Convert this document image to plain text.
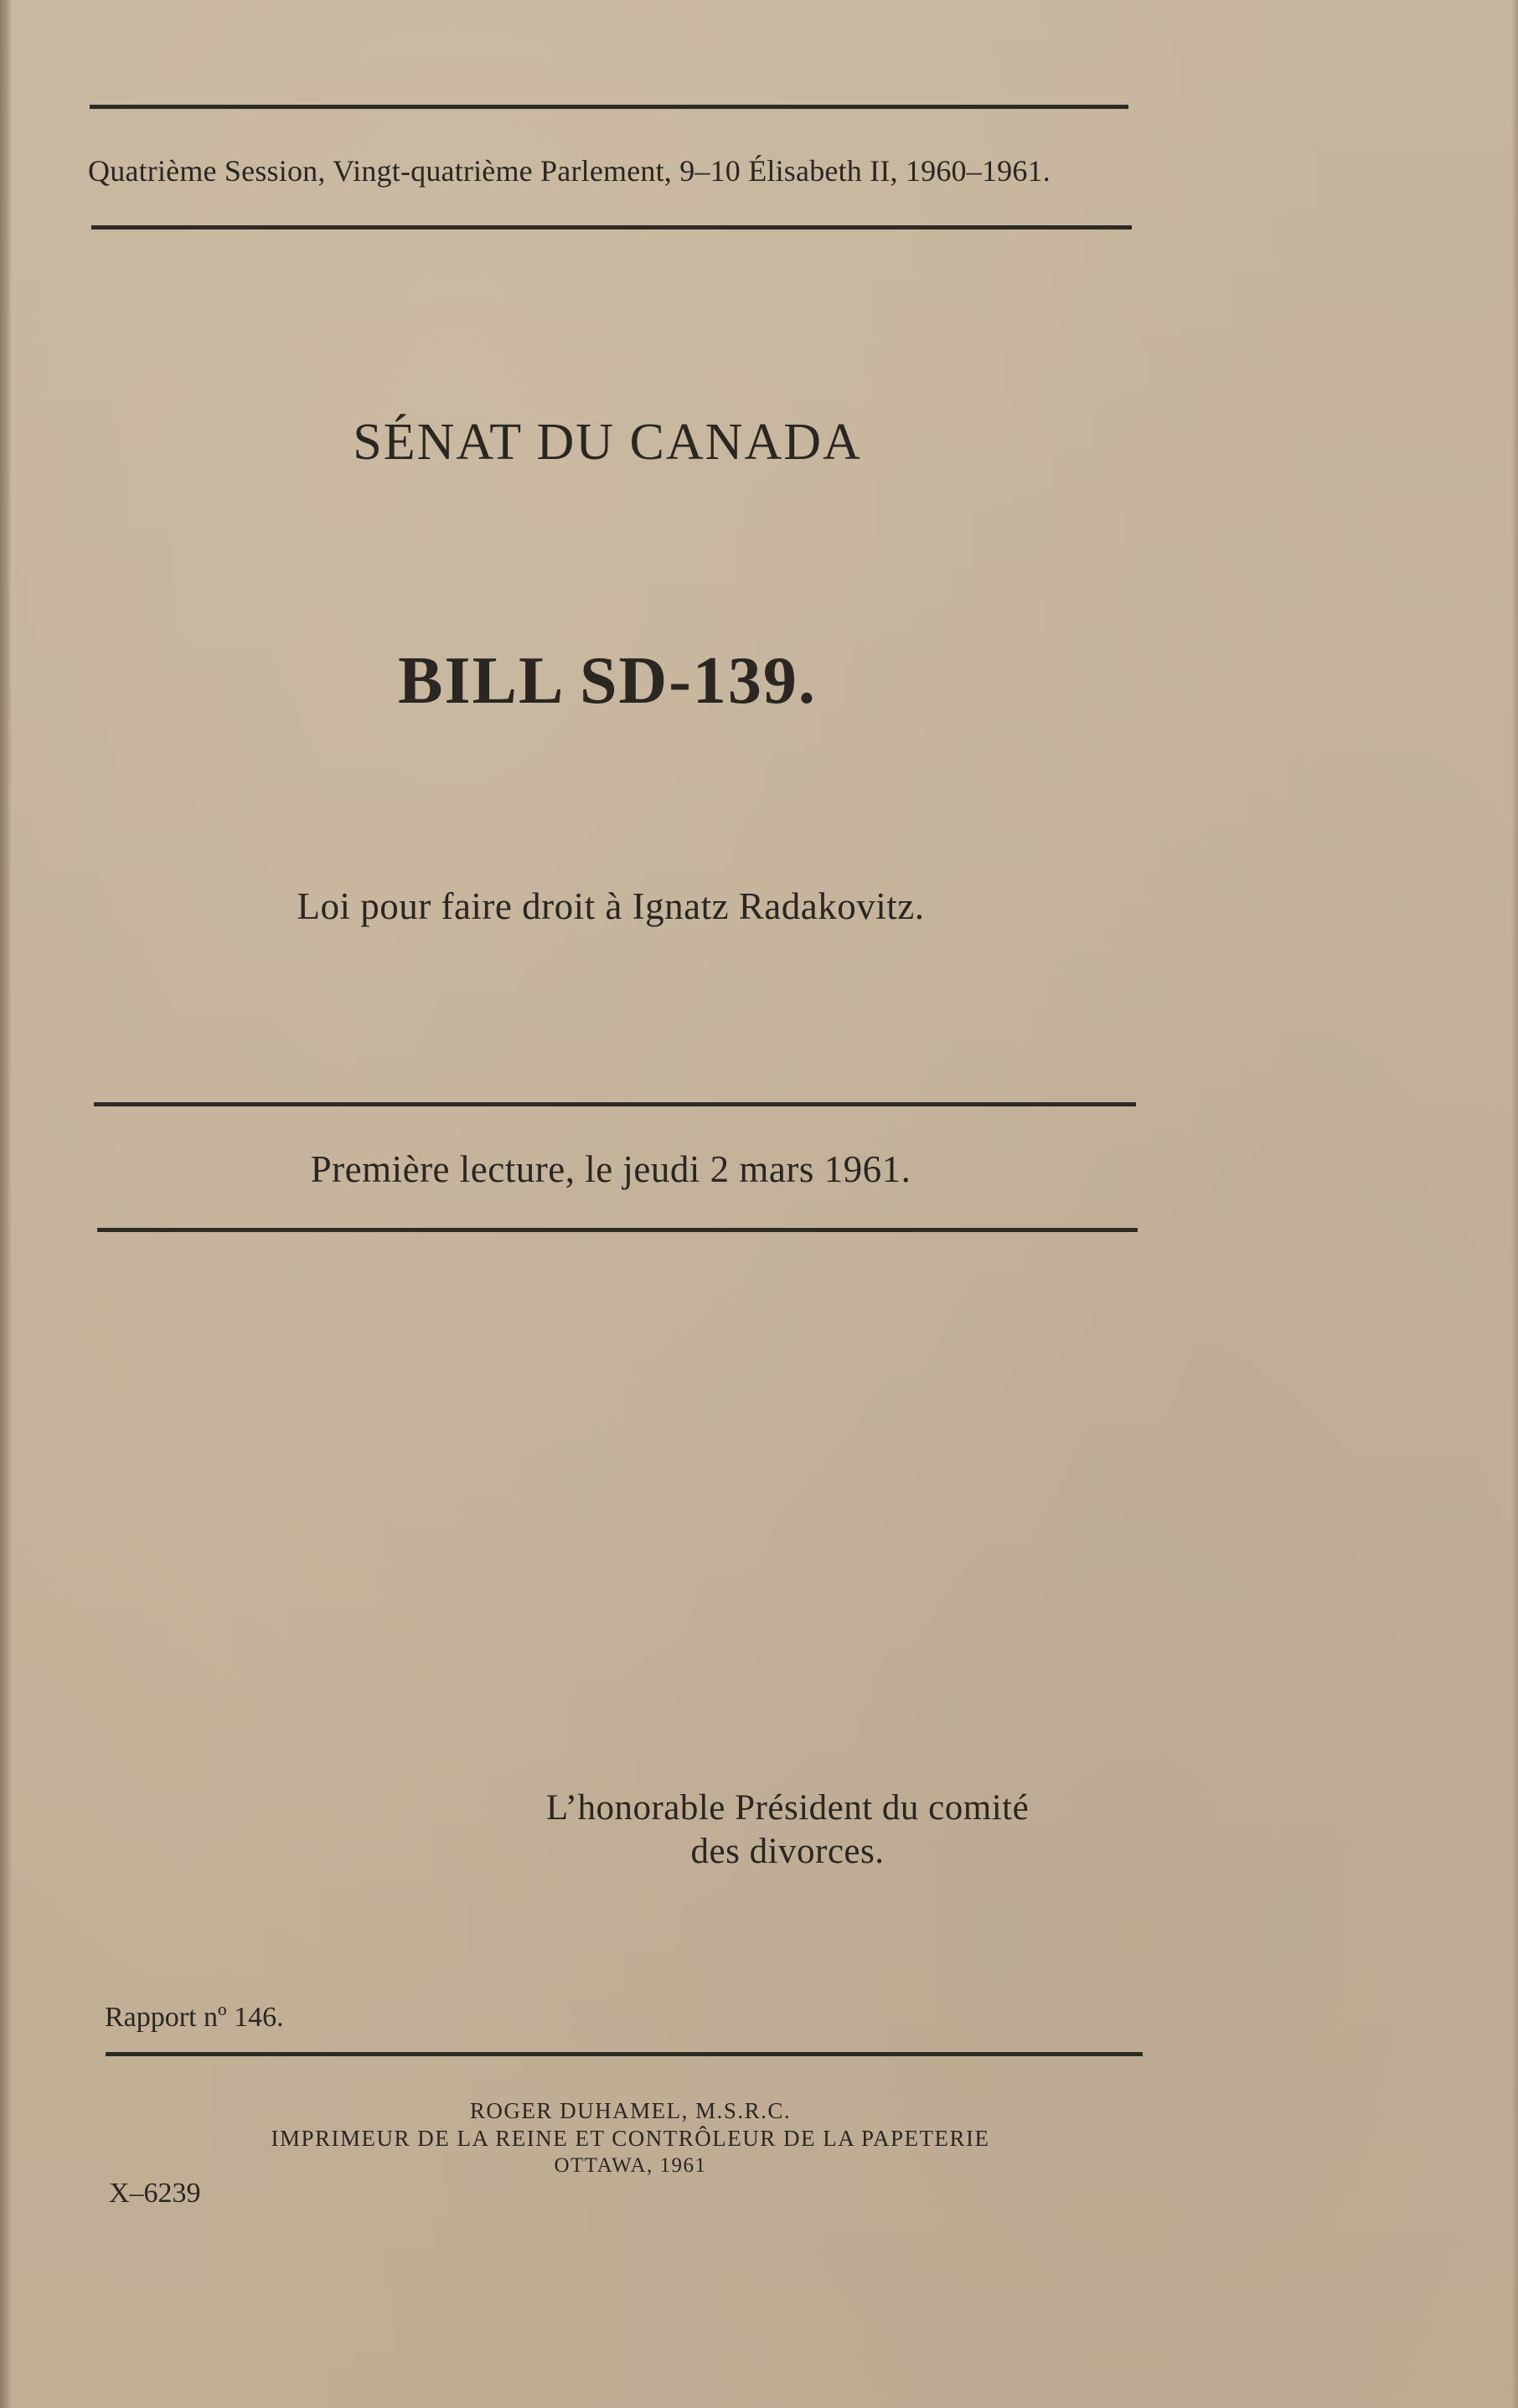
Quatrième Session, Vingt-quatrième Parlement, 9–10 Élisabeth II, 1960–1961.
SÉNAT DU CANADA
BILL SD-139.
Loi pour faire droit à Ignatz Radakovitz.
Première lecture, le jeudi 2 mars 1961.
L’honorable Président du comité
des divorces.
Rapport nº 146.
ROGER DUHAMEL, M.S.R.C.
IMPRIMEUR DE LA REINE ET CONTRÔLEUR DE LA PAPETERIE
OTTAWA, 1961
X–6239
